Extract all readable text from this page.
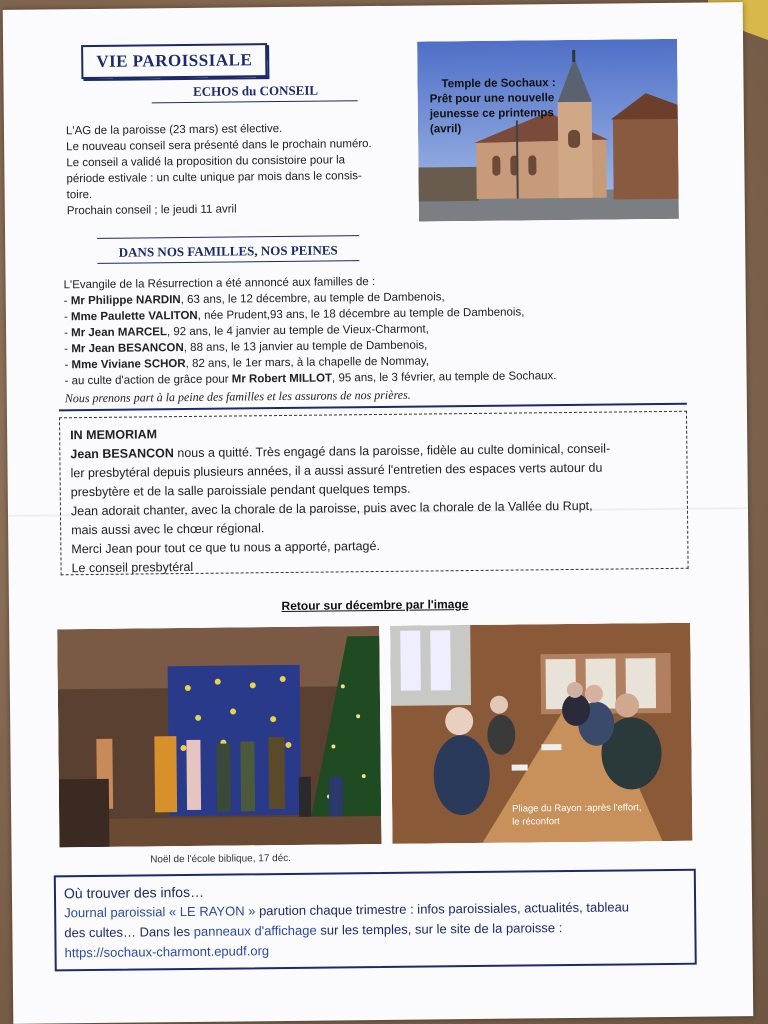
VIE PAROISSIALE
ECHOS du CONSEIL
L'AG de la paroisse (23 mars) est élective.
Le nouveau conseil sera présenté dans le prochain numéro.
Le conseil a validé la proposition du consistoire pour la
période estivale : un culte unique par mois dans le consis-
toire.
Prochain conseil ; le jeudi 11 avril
Temple de Sochaux :
Prêt pour une nouvelle
jeunesse ce printemps
(avril)
DANS NOS FAMILLES, NOS PEINES
L'Evangile de la Résurrection a été annoncé aux familles de :
- Mr Philippe NARDIN, 63 ans, le 12 décembre, au temple de Dambenois,
- Mme Paulette VALITON, née Prudent,93 ans, le 18 décembre au temple de Dambenois,
- Mr Jean MARCEL, 92 ans, le 4 janvier au temple de Vieux-Charmont,
- Mr Jean BESANCON, 88 ans, le 13 janvier au temple de Dambenois,
- Mme Viviane SCHOR, 82 ans, le 1er mars, à la chapelle de Nommay,
- au culte d'action de grâce pour Mr Robert MILLOT, 95 ans, le 3 février, au temple de Sochaux.
Nous prenons part à la peine des familles et les assurons de nos prières.
IN MEMORIAM
Jean BESANCON nous a quitté. Très engagé dans la paroisse, fidèle au culte dominical, conseil-
ler presbytéral depuis plusieurs années, il a aussi assuré l'entretien des espaces verts autour du
presbytère et de la salle paroissiale pendant quelques temps.
Jean adorait chanter, avec la chorale de la paroisse, puis avec la chorale de la Vallée du Rupt,
mais aussi avec le chœur régional.
Merci Jean pour tout ce que tu nous a apporté, partagé.
Le conseil presbytéral
Retour sur décembre par l'image
Noël de l'école biblique, 17 déc.
Pliage du Rayon :après l'effort,
le réconfort
Où trouver des infos…
Journal paroissial « LE RAYON » parution chaque trimestre : infos paroissiales, actualités, tableau
des cultes… Dans les panneaux d'affichage sur les temples, sur le site de la paroisse :
https://sochaux-charmont.epudf.org
